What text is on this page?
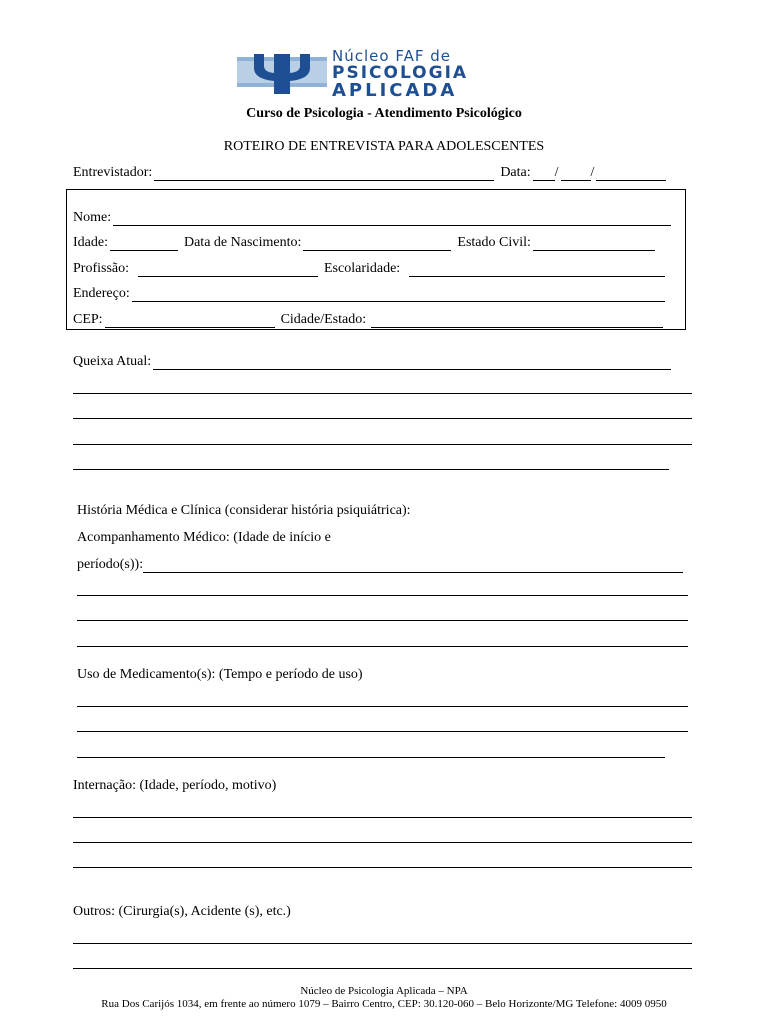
Núcleo FAF de
PSICOLOGIA
APLICADA
Curso de Psicologia - Atendimento Psicológico
ROTEIRO DE ENTREVISTA PARA ADOLESCENTES
Entrevistador:	Data: / /
Nome:
Idade:	Data de Nascimento:	Estado Civil:
Profissão:	Escolaridade:
Endereço:
CEP:	Cidade/Estado:
Queixa Atual:
História Médica e Clínica (considerar história psiquiátrica):
Acompanhamento Médico: (Idade de início e
período(s)):
Uso de Medicamento(s): (Tempo e período de uso)
Internação: (Idade, período, motivo)
Outros: (Cirurgia(s), Acidente (s), etc.)
Núcleo de Psicologia Aplicada – NPA
Rua Dos Carijós 1034, em frente ao número 1079 – Bairro Centro, CEP: 30.120-060 – Belo Horizonte/MG Telefone: 4009 0950
